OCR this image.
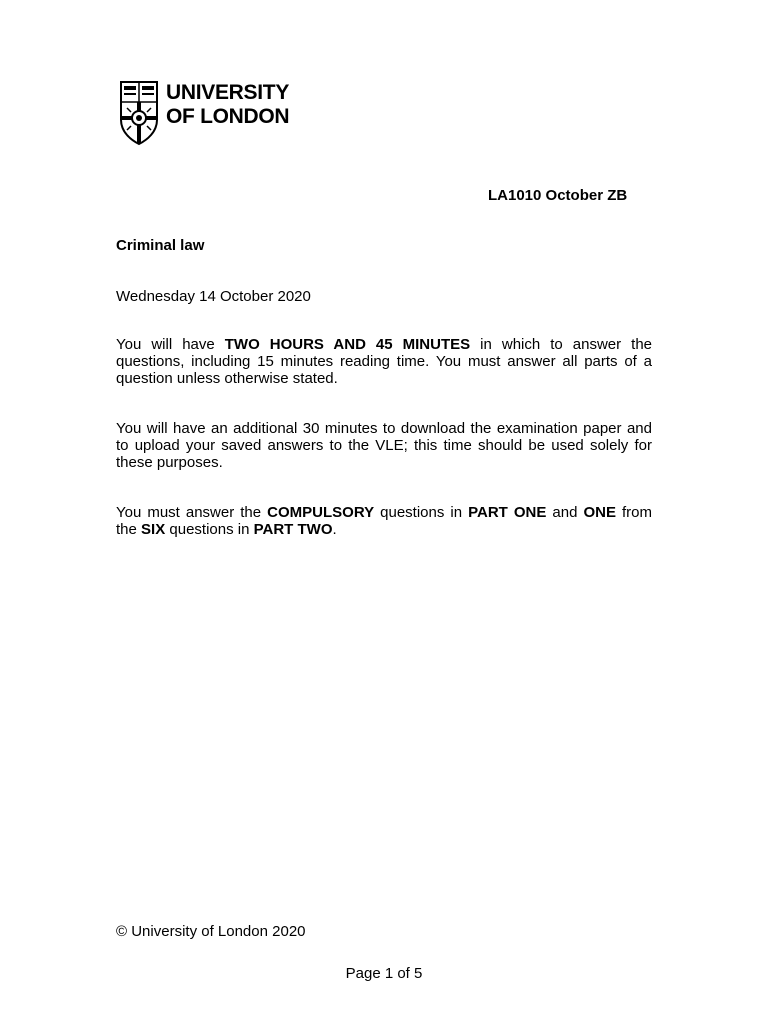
UNIVERSITY
OF LONDON
LA1010 October ZB
Criminal law
Wednesday 14 October 2020
You will have TWO HOURS AND 45 MINUTES in which to answer the questions, including 15 minutes reading time. You must answer all parts of a question unless otherwise stated.
You will have an additional 30 minutes to download the examination paper and to upload your saved answers to the VLE; this time should be used solely for these purposes.
You must answer the COMPULSORY questions in PART ONE and ONE from the SIX questions in PART TWO.
© University of London 2020
Page 1 of 5
